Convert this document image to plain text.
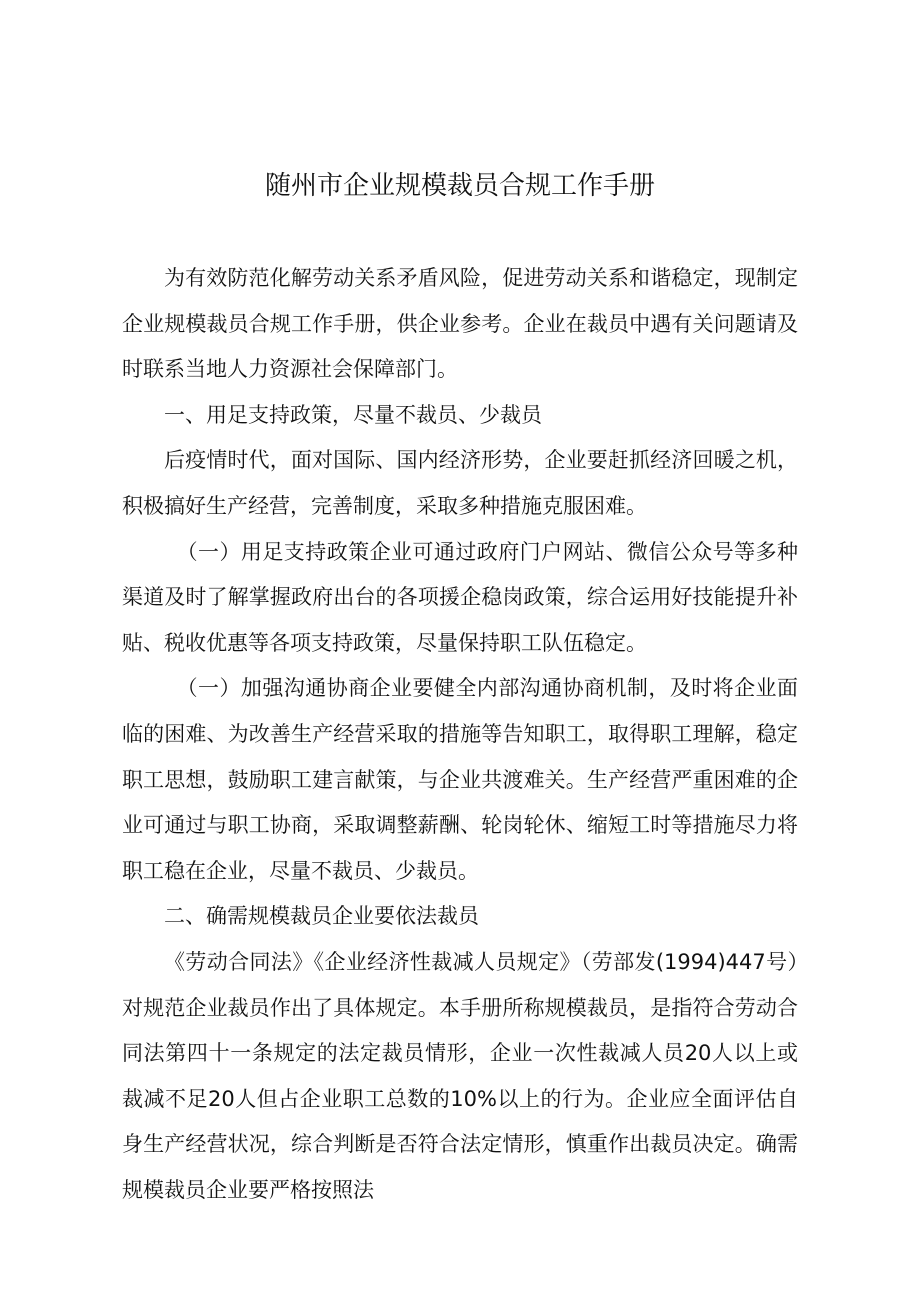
随州市企业规模裁员合规工作手册

为有效防范化解劳动关系矛盾风险，促进劳动关系和谐稳定，现制定企业规模裁员合规工作手册，供企业参考。企业在裁员中遇有关问题请及时联系当地人力资源社会保障部门。

一、用足支持政策，尽量不裁员、少裁员

后疫情时代，面对国际、国内经济形势，企业要赶抓经济回暖之机，积极搞好生产经营，完善制度，采取多种措施克服困难。

（一）用足支持政策企业可通过政府门户网站、微信公众号等多种渠道及时了解掌握政府出台的各项援企稳岗政策，综合运用好技能提升补贴、税收优惠等各项支持政策，尽量保持职工队伍稳定。

（一）加强沟通协商企业要健全内部沟通协商机制，及时将企业面临的困难、为改善生产经营采取的措施等告知职工，取得职工理解，稳定职工思想，鼓励职工建言献策，与企业共渡难关。生产经营严重困难的企业可通过与职工协商，采取调整薪酬、轮岗轮休、缩短工时等措施尽力将职工稳在企业，尽量不裁员、少裁员。

二、确需规模裁员企业要依法裁员

《劳动合同法》《企业经济性裁减人员规定》（劳部发(1994)447号）对规范企业裁员作出了具体规定。本手册所称规模裁员，是指符合劳动合同法第四十一条规定的法定裁员情形，企业一次性裁减人员20人以上或裁减不足20人但占企业职工总数的10%以上的行为。企业应全面评估自身生产经营状况，综合判断是否符合法定情形，慎重作出裁员决定。确需规模裁员企业要严格按照法
